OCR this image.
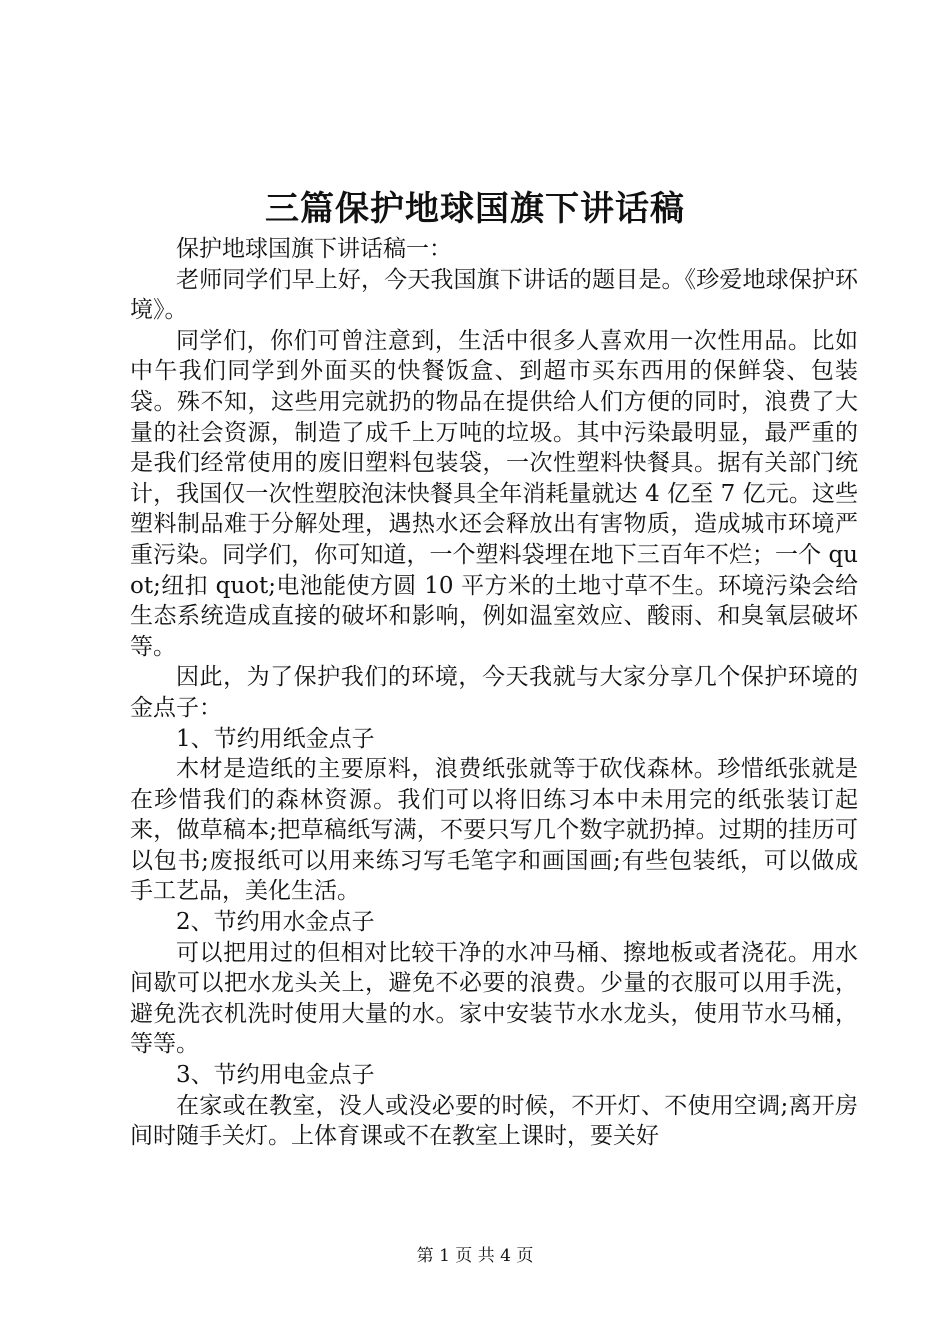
三篇保护地球国旗下讲话稿

保护地球国旗下讲话稿一：

老师同学们早上好，今天我国旗下讲话的题目是。《珍爱地球保护环境》。

同学们，你们可曾注意到，生活中很多人喜欢用一次性用品。比如中午我们同学到外面买的快餐饭盒、到超市买东西用的保鲜袋、包装袋。殊不知，这些用完就扔的物品在提供给人们方便的同时，浪费了大量的社会资源，制造了成千上万吨的垃圾。其中污染最明显，最严重的是我们经常使用的废旧塑料包装袋，一次性塑料快餐具。据有关部门统计，我国仅一次性塑胶泡沫快餐具全年消耗量就达 4 亿至 7 亿元。这些塑料制品难于分解处理，遇热水还会释放出有害物质，造成城市环境严重污染。同学们，你可知道，一个塑料袋埋在地下三百年不烂；一个 quot;纽扣 quot;电池能使方圆 10 平方米的土地寸草不生。环境污染会给生态系统造成直接的破坏和影响，例如温室效应、酸雨、和臭氧层破坏等。

因此，为了保护我们的环境，今天我就与大家分享几个保护环境的金点子：

1、节约用纸金点子

木材是造纸的主要原料，浪费纸张就等于砍伐森林。珍惜纸张就是在珍惜我们的森林资源。我们可以将旧练习本中未用完的纸张装订起来，做草稿本;把草稿纸写满，不要只写几个数字就扔掉。过期的挂历可以包书;废报纸可以用来练习写毛笔字和画国画;有些包装纸，可以做成手工艺品，美化生活。

2、节约用水金点子

可以把用过的但相对比较干净的水冲马桶、擦地板或者浇花。用水间歇可以把水龙头关上，避免不必要的浪费。少量的衣服可以用手洗，避免洗衣机洗时使用大量的水。家中安装节水水龙头，使用节水马桶，等等。

3、节约用电金点子

在家或在教室，没人或没必要的时候，不开灯、不使用空调;离开房间时随手关灯。上体育课或不在教室上课时，要关好

第 1 页 共 4 页
